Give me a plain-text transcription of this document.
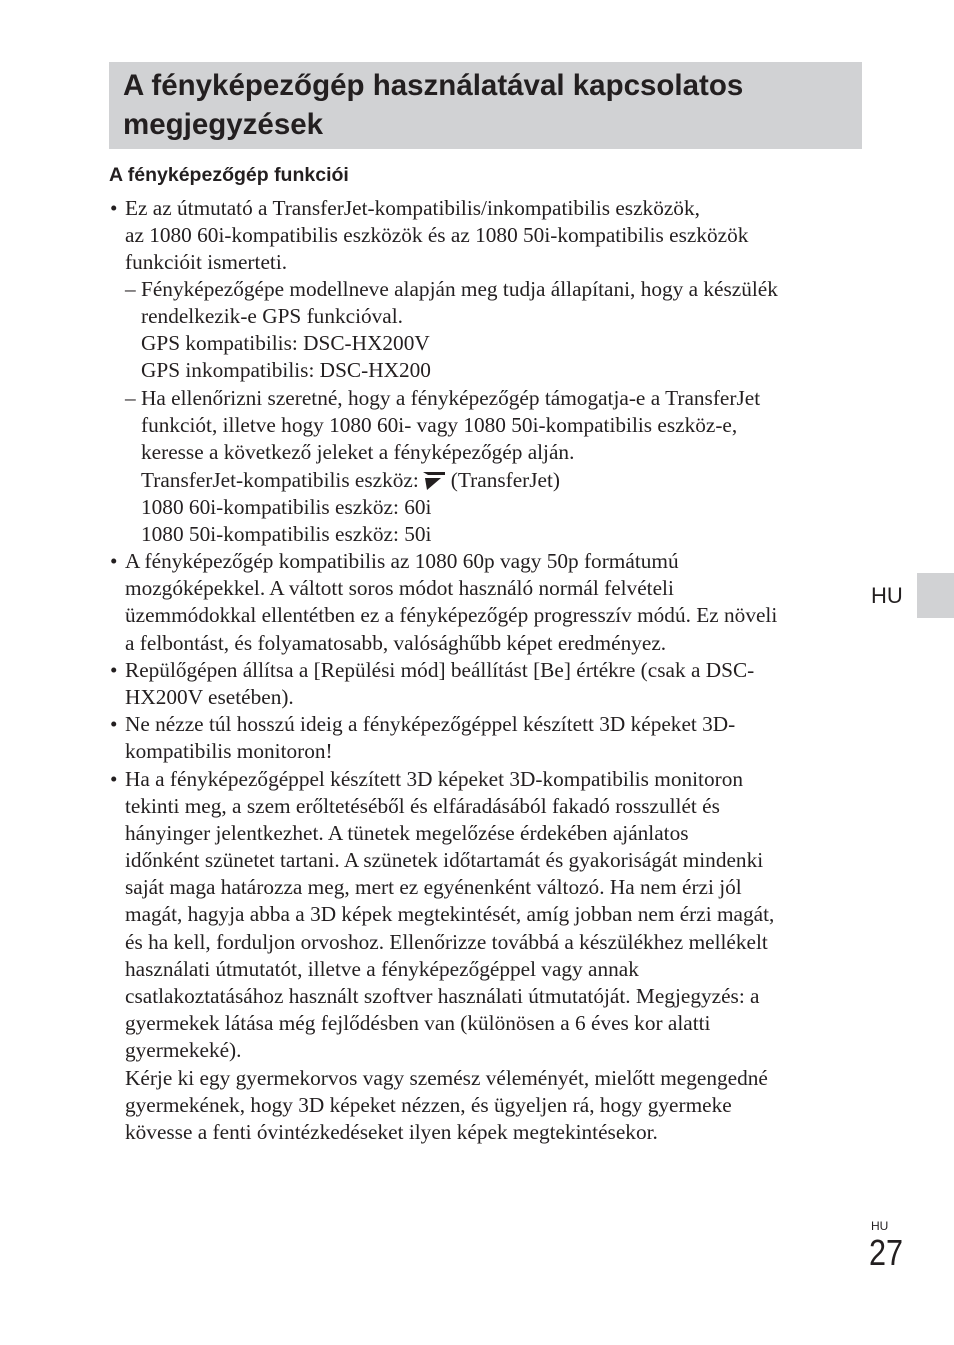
A fényképezőgép használatával kapcsolatos megjegyzések
A fényképezőgép funkciói
• Ez az útmutató a TransferJet-kompatibilis/inkompatibilis eszközök,
az 1080 60i-kompatibilis eszközök és az 1080 50i-kompatibilis eszközök
funkcióit ismerteti.
– Fényképezőgépe modellneve alapján meg tudja állapítani, hogy a készülék
rendelkezik-e GPS funkcióval.
GPS kompatibilis: DSC-HX200V
GPS inkompatibilis: DSC-HX200
– Ha ellenőrizni szeretné, hogy a fényképezőgép támogatja-e a TransferJet
funkciót, illetve hogy 1080 60i- vagy 1080 50i-kompatibilis eszköz-e,
keresse a következő jeleket a fényképezőgép alján.
TransferJet-kompatibilis eszköz: (TransferJet)
1080 60i-kompatibilis eszköz: 60i
1080 50i-kompatibilis eszköz: 50i
• A fényképezőgép kompatibilis az 1080 60p vagy 50p formátumú
mozgóképekkel. A váltott soros módot használó normál felvételi
üzemmódokkal ellentétben ez a fényképezőgép progresszív módú. Ez növeli
a felbontást, és folyamatosabb, valósághűbb képet eredményez.
• Repülőgépen állítsa a [Repülési mód] beállítást [Be] értékre (csak a DSC-
HX200V esetében).
• Ne nézze túl hosszú ideig a fényképezőgéppel készített 3D képeket 3D-
kompatibilis monitoron!
• Ha a fényképezőgéppel készített 3D képeket 3D-kompatibilis monitoron
tekinti meg, a szem erőltetéséből és elfáradásából fakadó rosszullét és
hányinger jelentkezhet. A tünetek megelőzése érdekében ajánlatos
időnként szünetet tartani. A szünetek időtartamát és gyakoriságát mindenki
saját maga határozza meg, mert ez egyénenként változó. Ha nem érzi jól
magát, hagyja abba a 3D képek megtekintését, amíg jobban nem érzi magát,
és ha kell, forduljon orvoshoz. Ellenőrizze továbbá a készülékhez mellékelt
használati útmutatót, illetve a fényképezőgéppel vagy annak
csatlakoztatásához használt szoftver használati útmutatóját. Megjegyzés: a
gyermekek látása még fejlődésben van (különösen a 6 éves kor alatti
gyermekeké).
Kérje ki egy gyermekorvos vagy szemész véleményét, mielőtt megengedné
gyermekének, hogy 3D képeket nézzen, és ügyeljen rá, hogy gyermeke
kövesse a fenti óvintézkedéseket ilyen képek megtekintésekor.
HU
HU
27
